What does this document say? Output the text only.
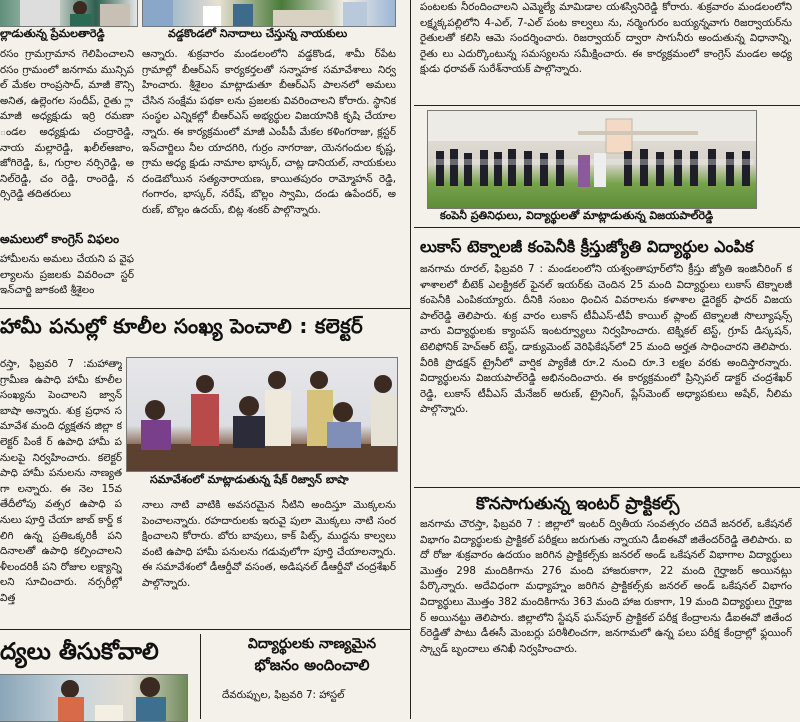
ల్లాడుతున్న ప్రేమలతారెడ్డి	వడ్డకొండలో నినాదాలు చేస్తున్న నాయకులు
కంపెనీ ప్రతినిధులు, విద్యార్థులతో మాట్లాడుతున్న విజయపాల్‌రెడ్డి
సమావేశంలో మాట్లాడుతున్న షేక్ రిజ్వాన్ బాషా
అమలులో కాంగ్రెస్ విఫలం
హామీ పనుల్లో కూలీల సంఖ్య పెంచాలి : కలెక్టర్
లుకాస్ టెక్నాలజీ కంపెనీకి క్రీస్తుజ్యోతి విద్యార్థుల ఎంపిక
కొనసాగుతున్న ఇంటర్ ప్రాక్టికల్స్
ద్యలు తీసుకోవాలి	విద్యార్థులకు నాణ్యమైన
భోజనం అందించాలి
రసం గ్రామగ్రామాన గెలిపించాలని రసం గ్రామంలో జనగామ మున్సిపల్ మేకల రాంప్రసాద్, మాజీ కౌన్సి అనిత, ఉల్లెంగల సందీప్, రైతు ్లా మాజీ అధ్యక్షుడు ఇర్రి రమణా ండల అధ్యక్షుడు చంద్రారెడ్డి, నాయ మల్లారెడ్డి, ఖలీల్‌ఆజాం, జోగిరెడ్డి, ఓ, గుర్రాల నర్సిరెడ్డి, అనిల్‌రెడ్డి, చం రెడ్డి, రాంరెడ్డి, నర్సిరెడ్డి తదితరులు
హామీలను అమలు చేయని ప వైఫల్యాలను ప్రజలకు వివరించా స్టర్ ఇన్‌చార్జి జూకంటి శ్రీశైలం
రస్తా, ఫిబ్రవరి 7 :మహాత్మా గ్రామీణ ఉపాధి హామీ కూలీల సంఖ్యను పెంచాలని జ్వాన్ బాషా అన్నారు. శుక్ర ప్రధాన సమావేశ మంది ధ్యక్షతన జిల్లా కలెక్టర్ పింకే ర్‌ ఉపాధి హామీ పనులపై నిర్వహించారు. కలెక్టర్ పాధి హామీ పనులను నాణ్యతగా లన్నారు. ఈ నెల 15వ తేదీలోపు వత్సర ఉపాధి పనులు పూర్తి చేయా జాబ్ కార్డ్ కలిగి ఉన్న ప్రతిఒక్కరికీ పని దినాలతో ఉపాధి కల్పించాలని ళీలందరికీ పని రోజుల లక్ష్యాన్ని లని సూచించారు. నర్సరీల్లో విత్త
ఆన్నారు. శుక్రవారం మండలంలోని వడ్డకొండ, శామీ ర్‌పేట గ్రామాల్లో బీఆర్ఎస్ కార్యకర్తలతో సన్నాహక సమావేశాలు నిర్వహించారు. శ్రీశైలం మాట్లాడుతూ బీఆర్ఎస్ పాలనలో అమలు చేసిన సంక్షేమ పథకా లను ప్రజలకు వివరించాలని కోరారు. స్థానిక సంస్థల ఎన్నికల్లో బీఆర్ఎస్ అభ్యర్థుల విజయానికి కృషి చేయాలన్నారు. ఈ కార్యక్రమంలో మాజీ ఎంపీపీ మేకల కళింగరాజు, క్లస్టర్ ఇన్‌చార్జిలు నీల యాదగిరి, గుర్రం నాగరాజు, యెనగందుల కృష్ణ, గ్రామ అధ్య క్షుడు నామాల భాస్కర్, చాట్ల డానియల్, నాయకులు దండెబోయిన సత్యనారాయణ, కాయితపురం రామ్మోహన్ రెడ్డి, గంగారం, భాస్కర్, నరేష్, బొల్లం స్వామి, దండు ఉపేందర్, అరుణ్, బొల్లం ఉదయ్, బిట్ల శంకర్ పాల్గొన్నారు.
నాలు నాటి వాటికి అవసరమైన నీటిని అందిస్తూ మొక్కలను పెంచాలన్నారు. రహదారులకు ఇరువై పులా మొక్కలు నాటి సంరక్షించాలని కోరారు. బోరు బావులు, కాక్ పిట్స్, ముద్దను కాల్వలు వంటి ఉపాధి హామీ పనులను గడువులోగా పూర్తి చేయాలన్నారు. ఈ సమావేశంలో డీఆర్డీవో వసంత, అడిషనల్ డీఆర్డీవో చంద్రశేఖర్ పాల్గొన్నారు.
దేవరుప్పుల, ఫిబ్రవరి 7: హాస్టల్
పంటలకు నీరందించాలని ఎమ్మెల్యే మామిడాల యశస్వినిరెడ్డి కోరారు. శుక్రవారం మండలంలోని లక్ష్మక్కపల్లిలోని 4-ఎల్, 7-ఎల్ పంట కాల్వలు ను, నర్మెంగురం బయ్యన్నవాగు రిజర్వాయర్‌ను రైతులతో కలిసి ఆమె సందర్శించారు. రిజర్వాయర్ ద్వారా సాగునీరు అందుతున్న విధానాన్ని, రైతు లు ఎదుర్కొంటున్న సమస్యలను సమీక్షించారు. ఈ కార్యక్రమంలో కాంగ్రెస్ మండల అధ్యక్షుడు ధరావత్ సురేశ్‌నాయక్ పాల్గొన్నారు.
జనగామ రూరల్, ఫిబ్రవరి 7 : మండలంలోని యశ్వంతాపూర్‌లోని క్రీస్తు జ్యోతి ఇంజినీరింగ్ కళాశాలలో బీటెక్ ఎలక్ట్రికల్ ఫైనల్ ఇయర్‌కు చెందిన 25 మంది విద్యార్థులు లుకాస్ టెక్నాలజీ కంపెనీకి ఎంపికయ్యారు. దీనికి సంబం ధించిన వివరాలను కళాశాల డైరెక్టర్ ఫాదర్ విజయపాల్‌రెడ్డి తెలిపారు. శుక్ర వారం లుకాస్ టీవీఎస్-టీవీ కాయిల్ ప్లాంట్ టెక్నాలజీ సొల్యూషన్స్ వారు విద్యార్థులకు క్యాంపస్ ఇంటర్వ్యూలు నిర్వహించారు. టెక్నికల్ టెస్ట్, గ్రూప్ డిస్కషన్, టెలిఫోనిక్ హెచ్ఆర్ టెస్ట్, డాక్యుమెంట్ వెరిఫికేషన్‌లో 25 మంది అర్హత సాధించారని తెలిపారు. వీరికి ప్రొడక్షన్ ట్రైనీలో వార్షిక ప్యాకేజీ రూ.2 నుంచి రూ.3 లక్షల వరకు అందిస్తారన్నారు. విద్యార్థులను విజయపాల్‌రెడ్డి అభినందించారు. ఈ కార్యక్రమంలో ప్రిన్సిపల్ డాక్టర్ చంద్రశేఖర్ రెడ్డి, లుకాస్ టీవీఎస్ మేనేజర్ అరుణ్, ట్రైనింగ్, ప్లేస్‌మెంట్ అధ్యాపకులు అషేర్, నీలిమ పాల్గొన్నారు.
జనగామ చౌరస్తా, ఫిబ్రవరి 7 : జిల్లాలో ఇంటర్ ద్వితీయ సంవత్సరం చదివే జనరల్, ఒకేషనల్ విభాగం విద్యార్థులకు ప్రాక్టికల్ పరీక్షలు జరుగుతు న్నాయని డీఐఈవో జితేందర్‌రెడ్డి తెలిపారు. ఐదో రోజు శుక్రవారం ఉదయం జరిగిన ప్రాక్టికల్స్‌కు జనరల్ అండ్ ఒకేషనల్ విభాగాల విద్యార్థులు మొత్తం 298 మందికిగాను 276 మంది హాజరుకాగా, 22 మంది గైర్హాజర్ అయినట్లు పేర్కొన్నారు. అదేవిధంగా మధ్యాహ్నం జరిగిన ప్రాక్టికల్స్‌కు జనరల్ అండ్ ఒకేషనల్ విభాగం విద్యార్థులు మొత్తం 382 మందికిగాను 363 మంది హాజ రుకాగా, 19 మంది విద్యార్థులు గైర్హాజర్ అయినట్టు తెలిపారు. జిల్లాలోని స్టేషన్ ఘన్‌పూర్ ప్రాక్టికల్ పరీక్ష కేంద్రాలను డీఐఈవో జితేందర్‌రెడ్డితో పాటు డీఈసీ మెంబర్లు పరిశీలించగా, జనగామలో ఉన్న పలు పరీక్ష కేంద్రాల్లో ఫ్లయింగ్ స్క్వాడ్ బృందాలు తనిఖీ నిర్వహించారు.
